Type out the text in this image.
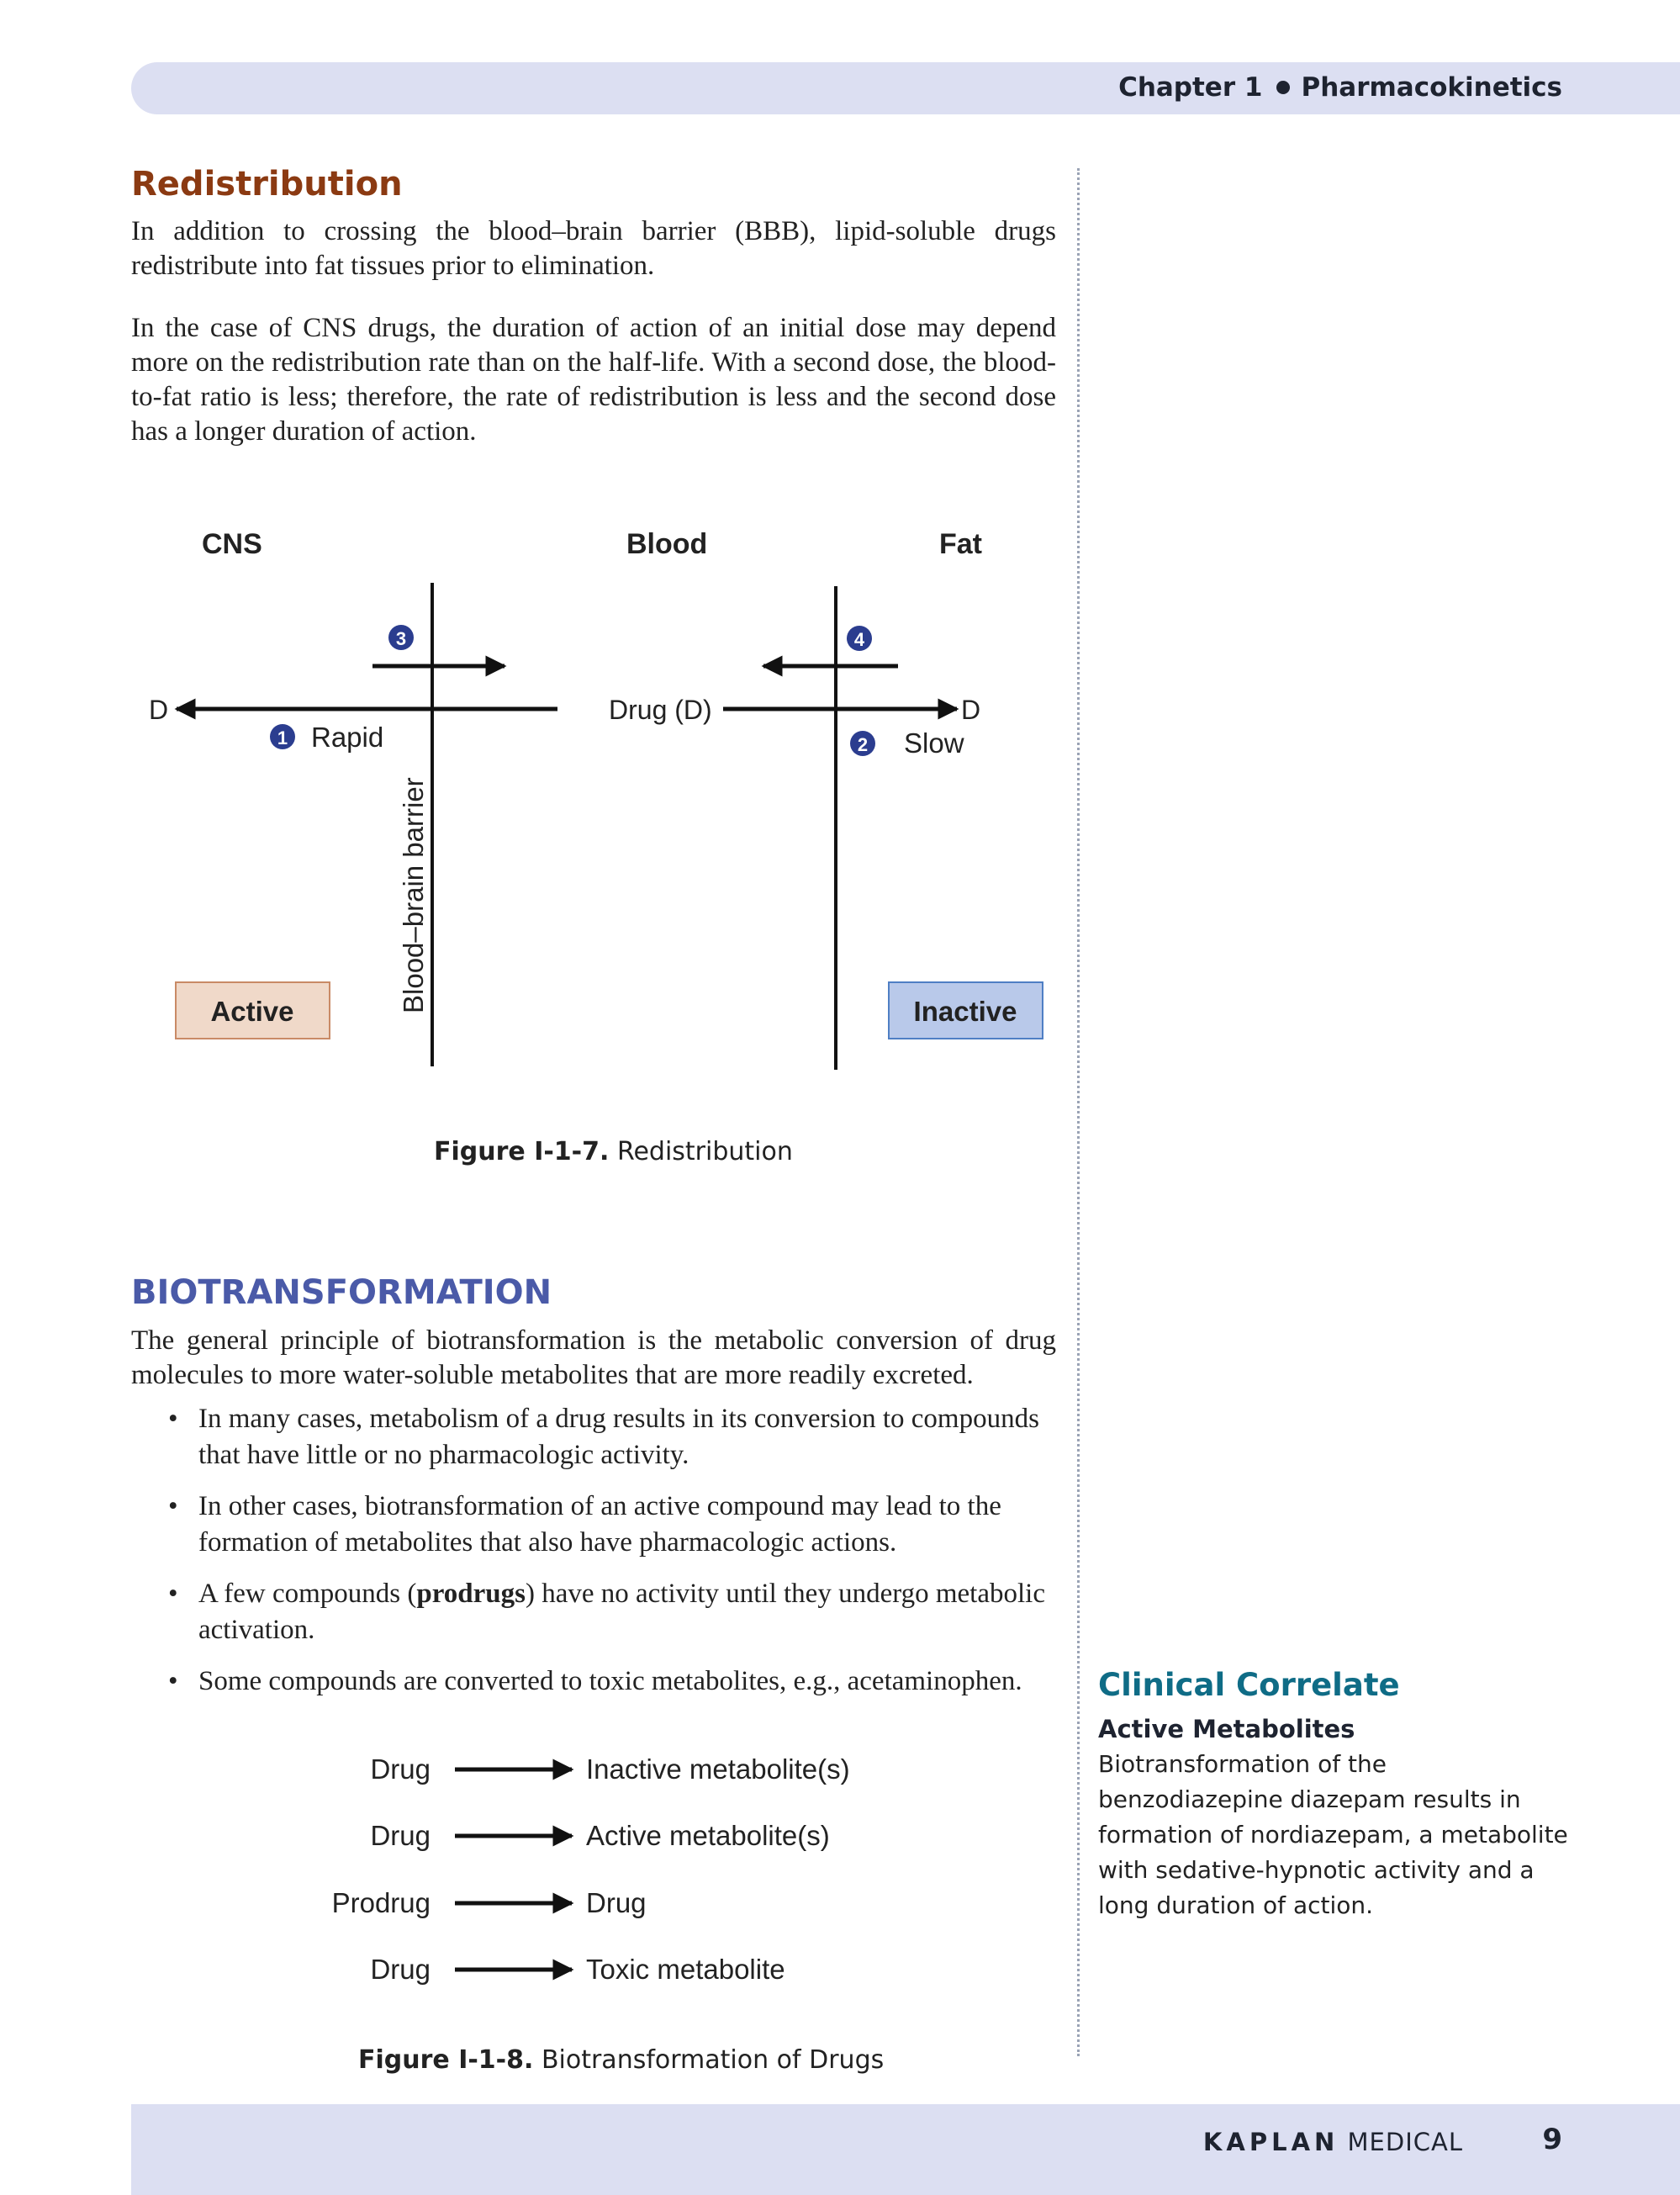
Chapter 1 Pharmacokinetics
Redistribution

In addition to crossing the blood–brain barrier (BBB), lipid-soluble drugs redistribute into fat tissues prior to elimination.

In the case of CNS drugs, the duration of action of an initial dose may depend more on the redistribution rate than on the half-life. With a second dose, the blood-to-fat ratio is less; therefore, the rate of redistribution is less and the second dose has a longer duration of action.

CNS	Blood	Fat
D	Drug (D)	D
3	4
1	2
Rapid	Slow
Blood–brain barrier
Active	Inactive

Figure I-1-7. Redistribution

BIOTRANSFORMATION

The general principle of biotransformation is the metabolic conversion of drug molecules to more water-soluble metabolites that are more readily excreted.

• In many cases, metabolism of a drug results in its conversion to compounds that have little or no pharmacologic activity.
• In other cases, biotransformation of an active compound may lead to the formation of metabolites that also have pharmacologic actions.
• A few compounds (prodrugs) have no activity until they undergo metabolic activation.
• Some compounds are converted to toxic metabolites, e.g., acetaminophen.
Drug	Inactive metabolite(s)
Drug	Active metabolite(s)
Prodrug	Drug
Drug	Toxic metabolite

Figure I-1-8. Biotransformation of Drugs

Clinical Correlate
Active Metabolites

Biotransformation of the benzodiazepine diazepam results in formation of nordiazepam, a metabolite with sedative-hypnotic activity and a long duration of action.

KAPLAN MEDICAL	9
